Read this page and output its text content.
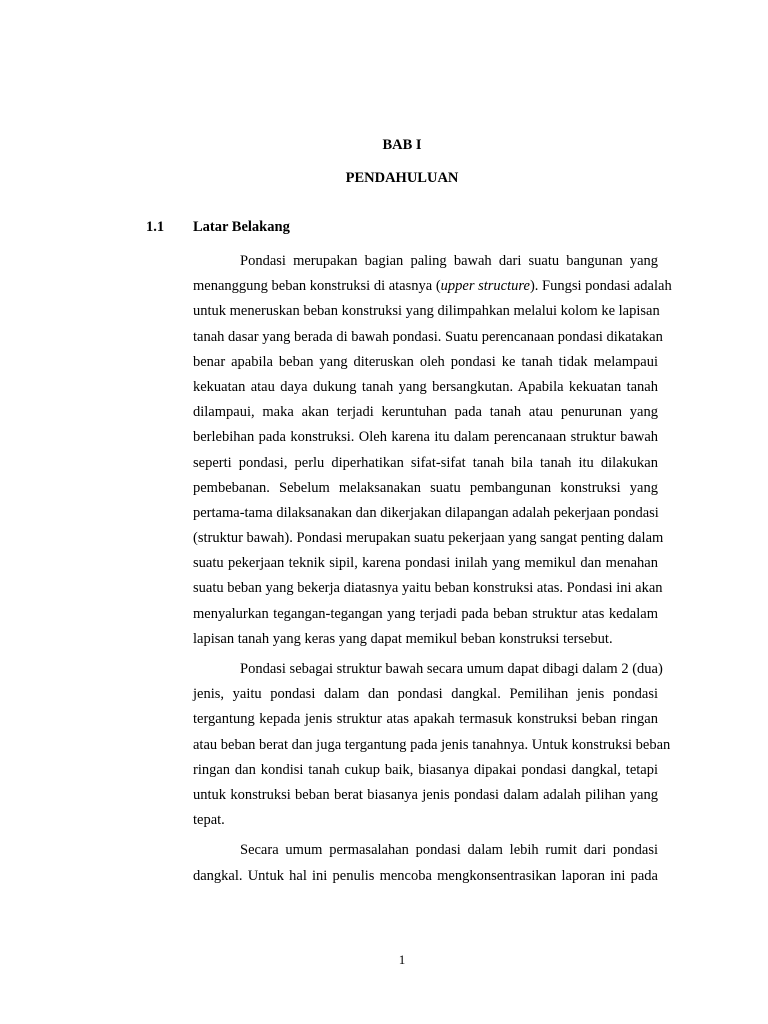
BAB I
PENDAHULUAN
1.1 Latar Belakang
Pondasi merupakan bagian paling bawah dari suatu bangunan yang
menanggung beban konstruksi di atasnya (upper structure). Fungsi pondasi adalah
untuk meneruskan beban konstruksi yang dilimpahkan melalui kolom ke lapisan
tanah dasar yang berada di bawah pondasi. Suatu perencanaan pondasi dikatakan
benar apabila beban yang diteruskan oleh pondasi ke tanah tidak melampaui
kekuatan atau daya dukung tanah yang bersangkutan. Apabila kekuatan tanah
dilampaui, maka akan terjadi keruntuhan pada tanah atau penurunan yang
berlebihan pada konstruksi. Oleh karena itu dalam perencanaan struktur bawah
seperti pondasi, perlu diperhatikan sifat-sifat tanah bila tanah itu dilakukan
pembebanan. Sebelum melaksanakan suatu pembangunan konstruksi yang
pertama-tama dilaksanakan dan dikerjakan dilapangan adalah pekerjaan pondasi
(struktur bawah). Pondasi merupakan suatu pekerjaan yang sangat penting dalam
suatu pekerjaan teknik sipil, karena pondasi inilah yang memikul dan menahan
suatu beban yang bekerja diatasnya yaitu beban konstruksi atas. Pondasi ini akan
menyalurkan tegangan-tegangan yang terjadi pada beban struktur atas kedalam
lapisan tanah yang keras yang dapat memikul beban konstruksi tersebut.
Pondasi sebagai struktur bawah secara umum dapat dibagi dalam 2 (dua)
jenis, yaitu pondasi dalam dan pondasi dangkal. Pemilihan jenis pondasi
tergantung kepada jenis struktur atas apakah termasuk konstruksi beban ringan
atau beban berat dan juga tergantung pada jenis tanahnya. Untuk konstruksi beban
ringan dan kondisi tanah cukup baik, biasanya dipakai pondasi dangkal, tetapi
untuk konstruksi beban berat biasanya jenis pondasi dalam adalah pilihan yang
tepat.
Secara umum permasalahan pondasi dalam lebih rumit dari pondasi
dangkal. Untuk hal ini penulis mencoba mengkonsentrasikan laporan ini pada
1
